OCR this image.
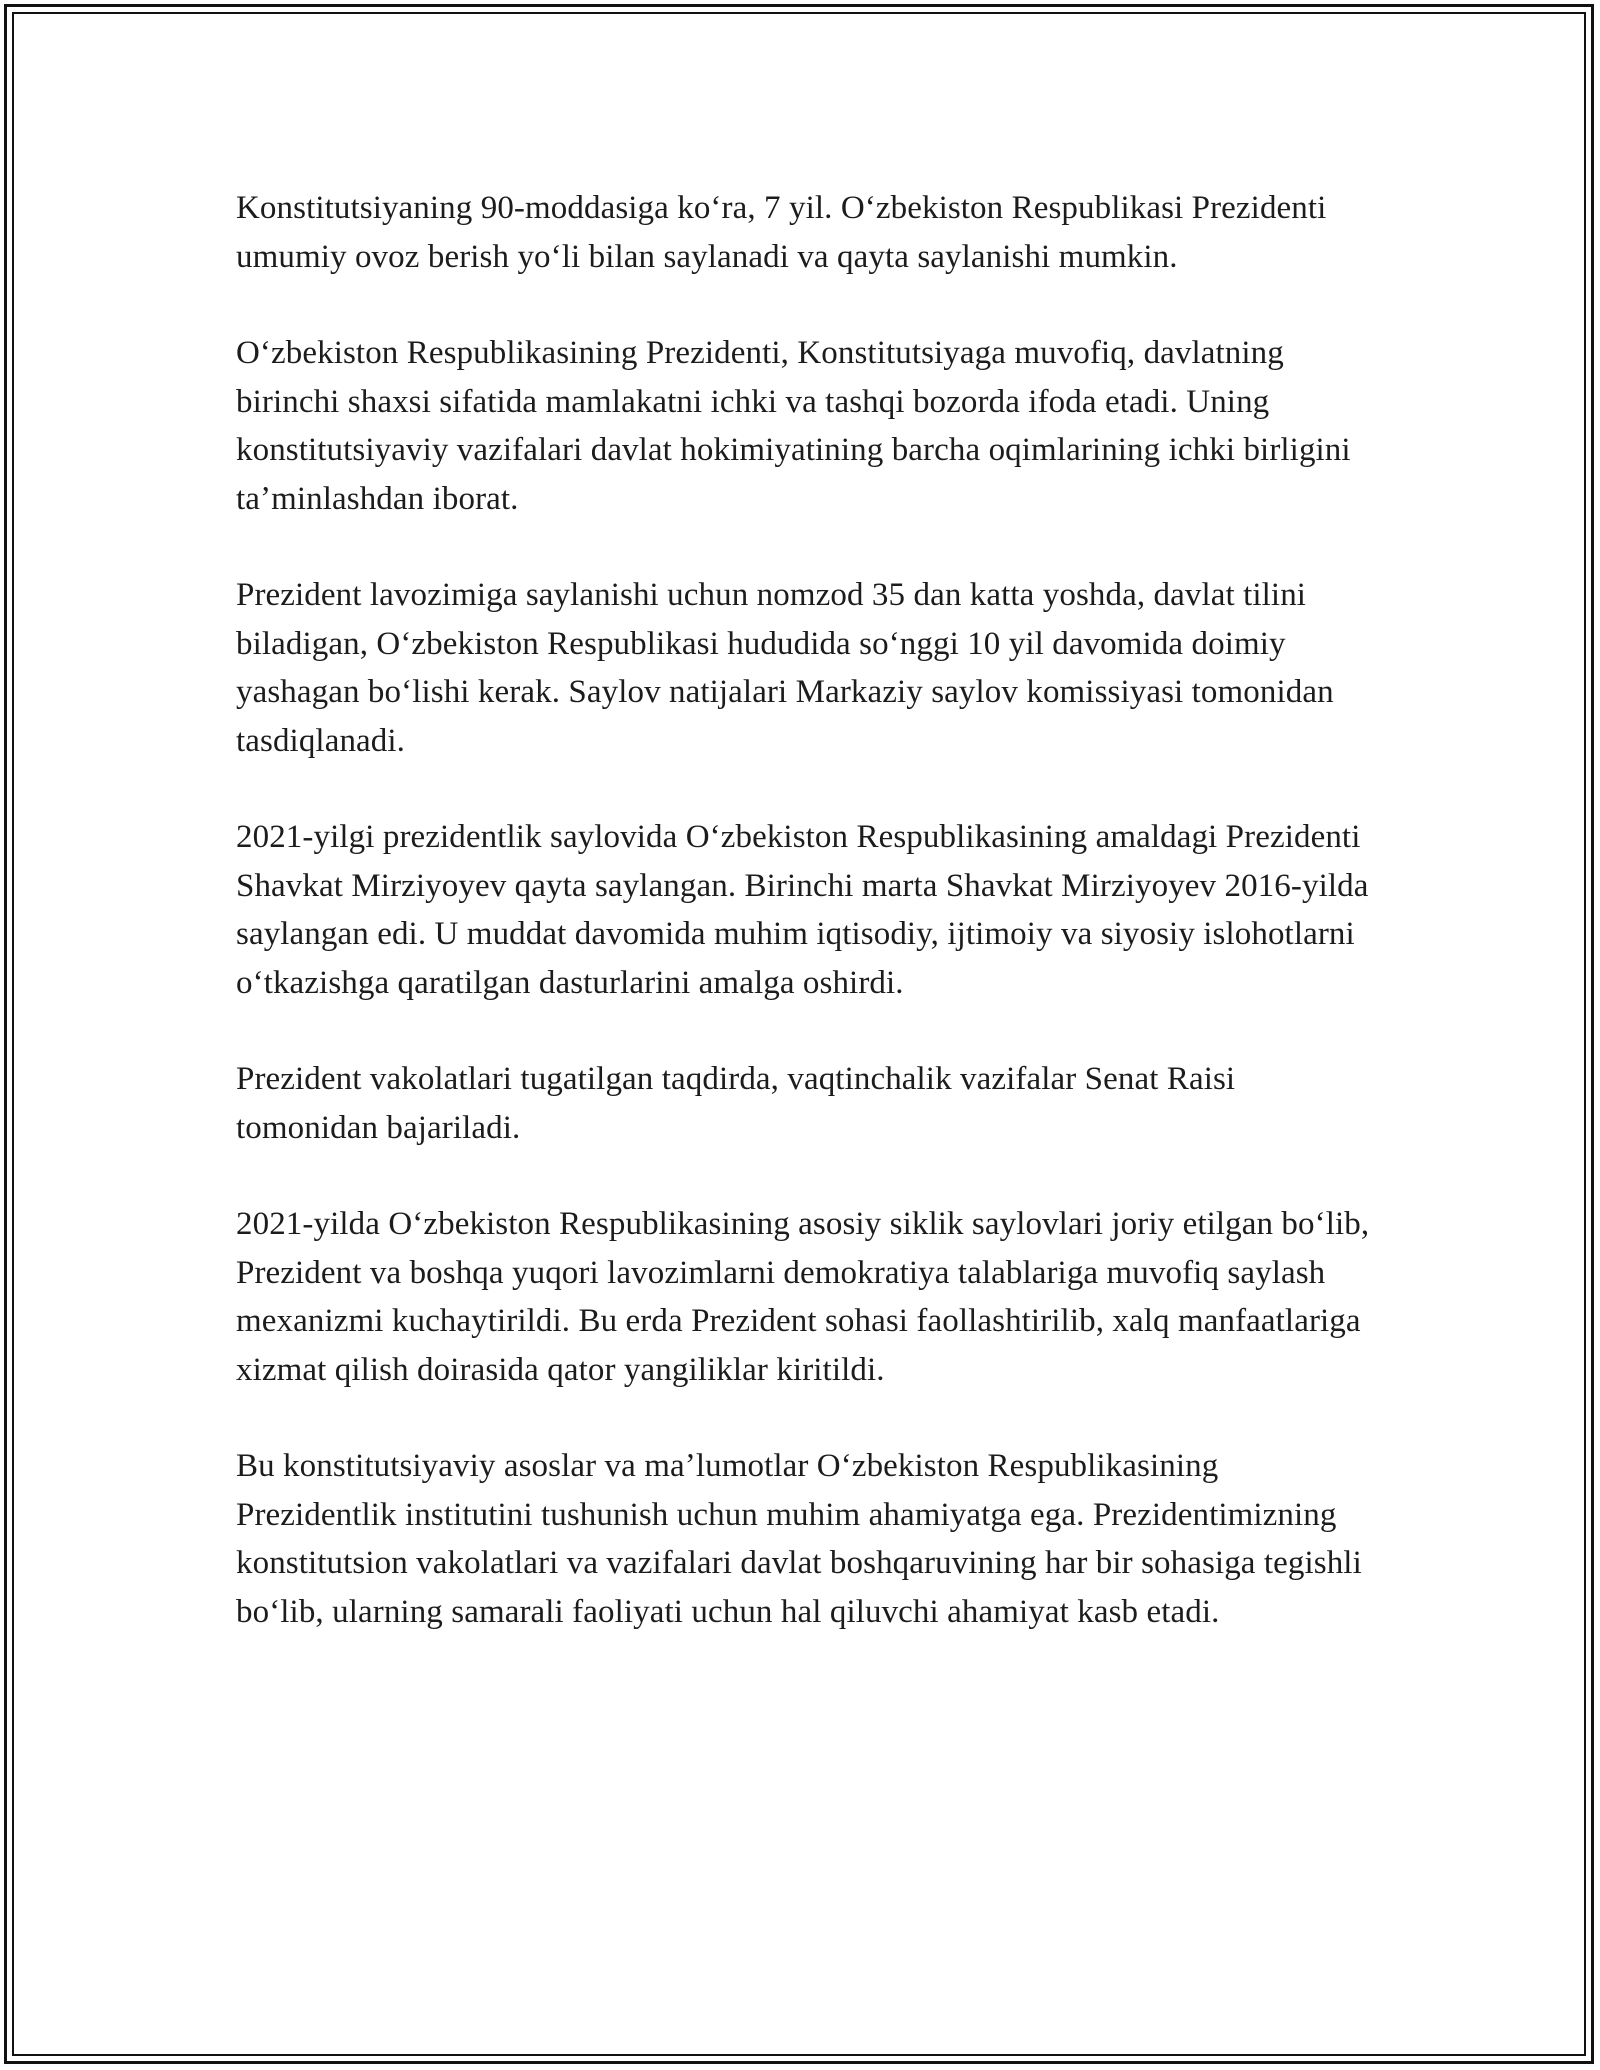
Konstitutsiyaning 90-moddasiga koʻra, 7 yil. Oʻzbekiston Respublikasi Prezidenti umumiy ovoz berish yoʻli bilan saylanadi va qayta saylanishi mumkin.

Oʻzbekiston Respublikasining Prezidenti, Konstitutsiyaga muvofiq, davlatning birinchi shaxsi sifatida mamlakatni ichki va tashqi bozorda ifoda etadi. Uning konstitutsiyaviy vazifalari davlat hokimiyatining barcha oqimlarining ichki birligini taʼminlashdan iborat.

Prezident lavozimiga saylanishi uchun nomzod 35 dan katta yoshda, davlat tilini biladigan, Oʻzbekiston Respublikasi hududida soʻnggi 10 yil davomida doimiy yashagan boʻlishi kerak. Saylov natijalari Markaziy saylov komissiyasi tomonidan tasdiqlanadi.

2021-yilgi prezidentlik saylovida Oʻzbekiston Respublikasining amaldagi Prezidenti Shavkat Mirziyoyev qayta saylangan. Birinchi marta Shavkat Mirziyoyev 2016-yilda saylangan edi. U muddat davomida muhim iqtisodiy, ijtimoiy va siyosiy islohotlarni oʻtkazishga qaratilgan dasturlarini amalga oshirdi.

Prezident vakolatlari tugatilgan taqdirda, vaqtinchalik vazifalar Senat Raisi tomonidan bajariladi.

2021-yilda Oʻzbekiston Respublikasining asosiy siklik saylovlari joriy etilgan boʻlib, Prezident va boshqa yuqori lavozimlarni demokratiya talablariga muvofiq saylash mexanizmi kuchaytirildi. Bu erda Prezident sohasi faollashtirilib, xalq manfaatlariga xizmat qilish doirasida qator yangiliklar kiritildi.

Bu konstitutsiyaviy asoslar va maʼlumotlar Oʻzbekiston Respublikasining Prezidentlik institutini tushunish uchun muhim ahamiyatga ega. Prezidentimizning konstitutsion vakolatlari va vazifalari davlat boshqaruvining har bir sohasiga tegishli boʻlib, ularning samarali faoliyati uchun hal qiluvchi ahamiyat kasb etadi.
